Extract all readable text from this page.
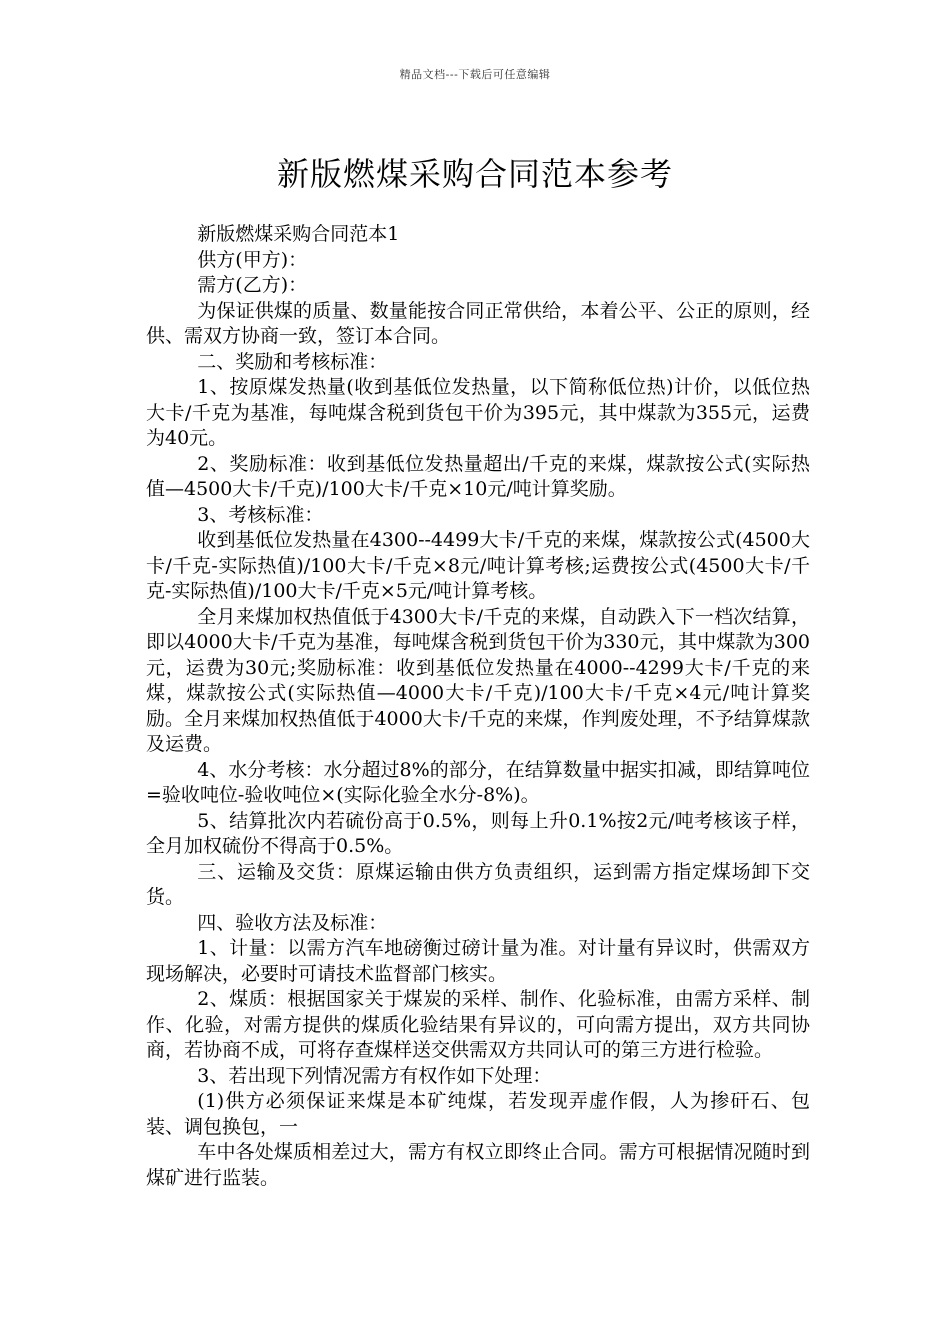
精品文档---下载后可任意编辑
新版燃煤采购合同范本参考

新版燃煤采购合同范本1

供方(甲方)：

需方(乙方)：

为保证供煤的质量、数量能按合同正常供给，本着公平、公正的原则，经供、需双方协商一致，签订本合同。

二、奖励和考核标准：

1、按原煤发热量(收到基低位发热量，以下简称低位热)计价，以低位热大卡/千克为基准，每吨煤含税到货包干价为395元，其中煤款为355元，运费为40元。

2、奖励标准：收到基低位发热量超出/千克的来煤，煤款按公式(实际热值—4500大卡/千克)/100大卡/千克×10元/吨计算奖励。

3、考核标准：

收到基低位发热量在4300--4499大卡/千克的来煤，煤款按公式(4500大卡/千克-实际热值)/100大卡/千克×8元/吨计算考核;运费按公式(4500大卡/千克-实际热值)/100大卡/千克×5元/吨计算考核。

全月来煤加权热值低于4300大卡/千克的来煤，自动跌入下一档次结算，即以4000大卡/千克为基准，每吨煤含税到货包干价为330元，其中煤款为300元，运费为30元;奖励标准：收到基低位发热量在4000--4299大卡/千克的来煤，煤款按公式(实际热值—4000大卡/千克)/100大卡/千克×4元/吨计算奖励。全月来煤加权热值低于4000大卡/千克的来煤，作判废处理，不予结算煤款及运费。

4、水分考核：水分超过8%的部分，在结算数量中据实扣减，即结算吨位=验收吨位-验收吨位×(实际化验全水分-8%)。

5、结算批次内若硫份高于0.5%，则每上升0.1%按2元/吨考核该子样，全月加权硫份不得高于0.5%。

三、运输及交货：原煤运输由供方负责组织，运到需方指定煤场卸下交货。

四、验收方法及标准：

1、计量：以需方汽车地磅衡过磅计量为准。对计量有异议时，供需双方现场解决，必要时可请技术监督部门核实。

2、煤质：根据国家关于煤炭的采样、制作、化验标准，由需方采样、制作、化验，对需方提供的煤质化验结果有异议的，可向需方提出，双方共同协商，若协商不成，可将存查煤样送交供需双方共同认可的第三方进行检验。

3、若出现下列情况需方有权作如下处理：

(1)供方必须保证来煤是本矿纯煤，若发现弄虚作假，人为掺矸石、包装、调包换包，一

车中各处煤质相差过大，需方有权立即终止合同。需方可根据情况随时到煤矿进行监装。
